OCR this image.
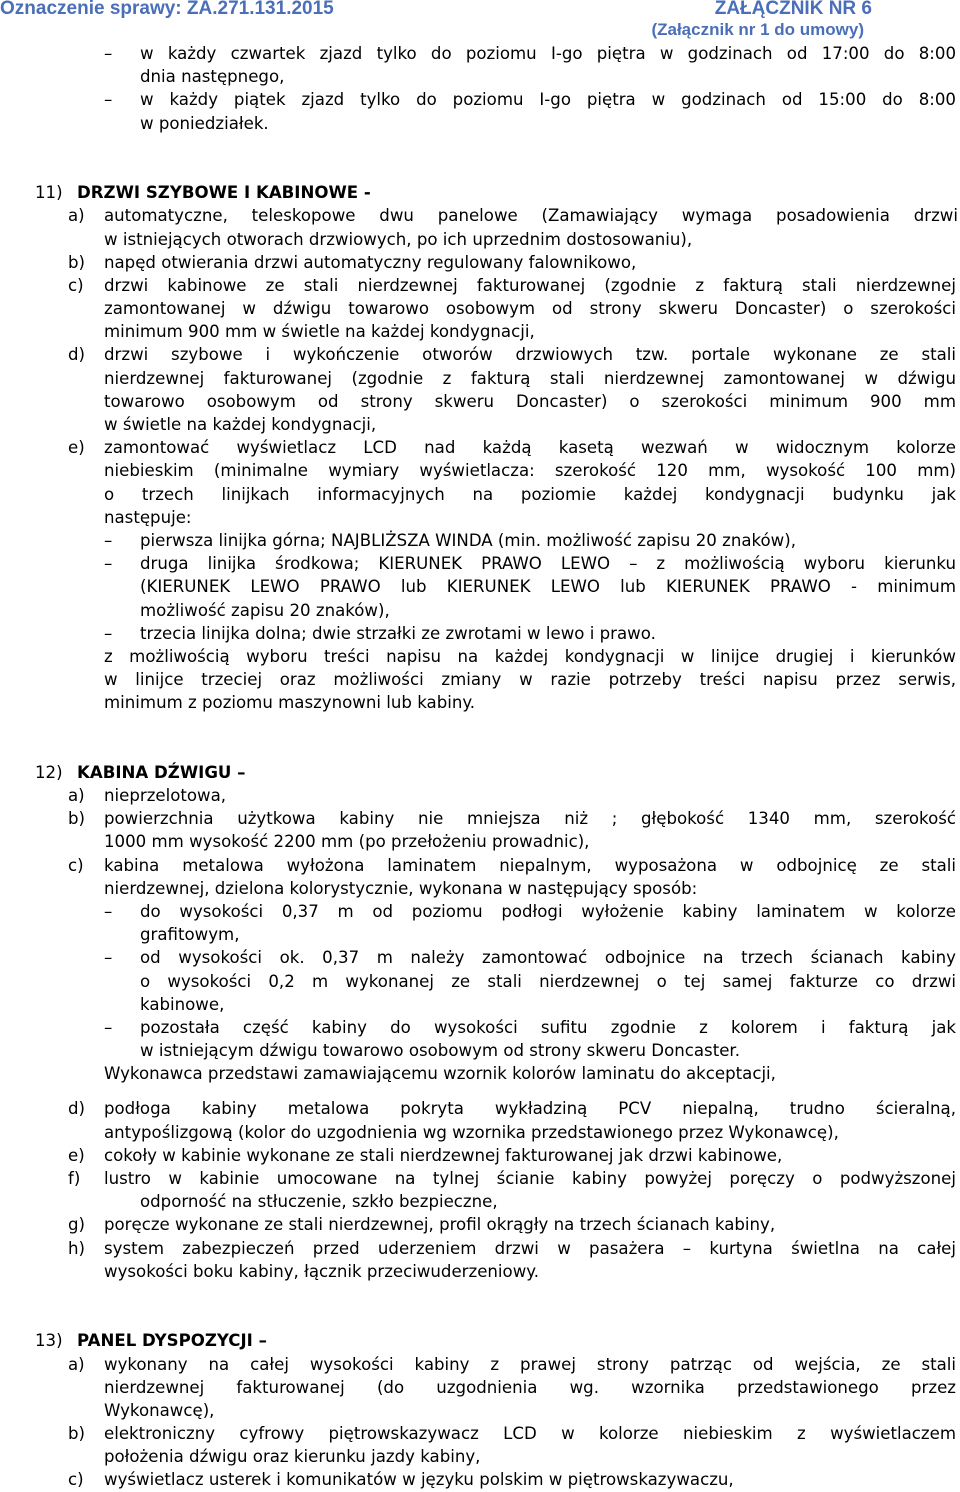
Oznaczenie sprawy: ZA.271.131.2015	ZAŁĄCZNIK NR 6
(Załącznik nr 1 do umowy)
– w każdy czwartek zjazd tylko do poziomu I-go piętra w godzinach od 17:00 do 8:00
dnia następnego,
– w każdy piątek zjazd tylko do poziomu I-go piętra w godzinach od 15:00 do 8:00
w poniedziałek.
11) DRZWI SZYBOWE I KABINOWE -
a) automatyczne, teleskopowe dwu panelowe (Zamawiający wymaga posadowienia drzwi
w istniejących otworach drzwiowych, po ich uprzednim dostosowaniu),
b) napęd otwierania drzwi automatyczny regulowany falownikowo,
c) drzwi kabinowe ze stali nierdzewnej fakturowanej (zgodnie z fakturą stali nierdzewnej
zamontowanej w dźwigu towarowo osobowym od strony skweru Doncaster) o szerokości
minimum 900 mm w świetle na każdej kondygnacji,
d) drzwi szybowe i wykończenie otworów drzwiowych tzw. portale wykonane ze stali
nierdzewnej fakturowanej (zgodnie z fakturą stali nierdzewnej zamontowanej w dźwigu
towarowo osobowym od strony skweru Doncaster) o szerokości minimum 900 mm
w świetle na każdej kondygnacji,
e) zamontować wyświetlacz LCD nad każdą kasetą wezwań w widocznym kolorze
niebieskim (minimalne wymiary wyświetlacza: szerokość 120 mm, wysokość 100 mm)
o trzech linijkach informacyjnych na poziomie każdej kondygnacji budynku jak
następuje:
– pierwsza linijka górna; NAJBLIŻSZA WINDA (min. możliwość zapisu 20 znaków),
– druga linijka środkowa; KIERUNEK PRAWO LEWO – z możliwością wyboru kierunku
(KIERUNEK LEWO PRAWO lub KIERUNEK LEWO lub KIERUNEK PRAWO - minimum
możliwość zapisu 20 znaków),
– trzecia linijka dolna; dwie strzałki ze zwrotami w lewo i prawo.
z możliwością wyboru treści napisu na każdej kondygnacji w linijce drugiej i kierunków
w linijce trzeciej oraz możliwości zmiany w razie potrzeby treści napisu przez serwis,
minimum z poziomu maszynowni lub kabiny.
12) KABINA DŹWIGU –
a) nieprzelotowa,
b) powierzchnia użytkowa kabiny nie mniejsza niż ; głębokość 1340 mm, szerokość
1000 mm wysokość 2200 mm (po przełożeniu prowadnic),
c) kabina metalowa wyłożona laminatem niepalnym, wyposażona w odbojnicę ze stali
nierdzewnej, dzielona kolorystycznie, wykonana w następujący sposób:
– do wysokości 0,37 m od poziomu podłogi wyłożenie kabiny laminatem w kolorze
grafitowym,
– od wysokości ok. 0,37 m należy zamontować odbojnice na trzech ścianach kabiny
o wysokości 0,2 m wykonanej ze stali nierdzewnej o tej samej fakturze co drzwi
kabinowe,
– pozostała część kabiny do wysokości sufitu zgodnie z kolorem i fakturą jak
w istniejącym dźwigu towarowo osobowym od strony skweru Doncaster.
Wykonawca przedstawi zamawiającemu wzornik kolorów laminatu do akceptacji,
d) podłoga kabiny metalowa pokryta wykładziną PCV niepalną, trudno ścieralną,
antypoślizgową (kolor do uzgodnienia wg wzornika przedstawionego przez Wykonawcę),
e) cokoły w kabinie wykonane ze stali nierdzewnej fakturowanej jak drzwi kabinowe,
f) lustro w kabinie umocowane na tylnej ścianie kabiny powyżej poręczy o podwyższonej
odporność na stłuczenie, szkło bezpieczne,
g) poręcze wykonane ze stali nierdzewnej, profil okrągły na trzech ścianach kabiny,
h) system zabezpieczeń przed uderzeniem drzwi w pasażera – kurtyna świetlna na całej
wysokości boku kabiny, łącznik przeciwuderzeniowy.
13) PANEL DYSPOZYCJI –
a) wykonany na całej wysokości kabiny z prawej strony patrząc od wejścia, ze stali
nierdzewnej fakturowanej (do uzgodnienia wg. wzornika przedstawionego przez
Wykonawcę),
b) elektroniczny cyfrowy piętrowskazywacz LCD w kolorze niebieskim z wyświetlaczem
położenia dźwigu oraz kierunku jazdy kabiny,
c) wyświetlacz usterek i komunikatów w języku polskim w piętrowskazywaczu,
